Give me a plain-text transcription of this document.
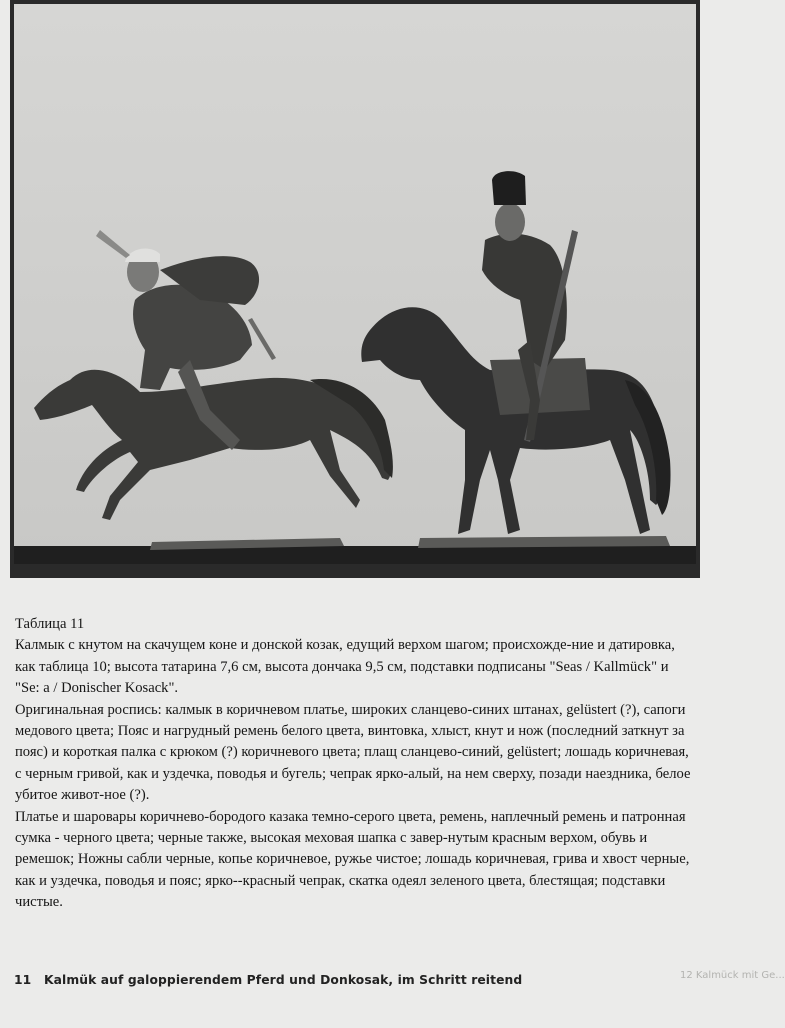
Таблица 11

Калмык с кнутом на скачущем коне и донской козак, едущий верхом шагом; происхожде-ние и датировка, как таблица 10; высота татарина 7,6 см, высота дончака 9,5 см, подставки подписаны "Seas / Kallmück" и "Se: a / Donischer Kosack".

Оригинальная роспись: калмык в коричневом платье, широких сланцево-синих штанах, gelüstert (?), сапоги медового цвета; Пояс и нагрудный ремень белого цвета, винтовка, хлыст, кнут и нож (последний заткнут за пояс) и короткая палка с крюком (?) коричневого цвета; плащ сланцево-синий, gelüstert; лошадь коричневая, с черным гривой, как и уздечка, поводья и бугель; чепрак ярко-алый, на нем сверху, позади наездника, белое убитое живот-ное (?).

Платье и шаровары коричнево-бородого казака темно-серого цвета, ремень, наплечный ремень и патронная сумка - черного цвета; черные также, высокая меховая шапка с завер-нутым красным верхом, обувь и ремешок; Ножны сабли черные, копье коричневое, ружье чистое; лошадь коричневая, грива и хвост черные, как и уздечка, поводья и пояс; ярко--красный чепрак, скатка одеял зеленого цвета, блестящая; подставки чистые.

11 Kalmük auf galoppierendem Pferd und Donkosak, im Schritt reitend	12 Kalmück mit Ge...
